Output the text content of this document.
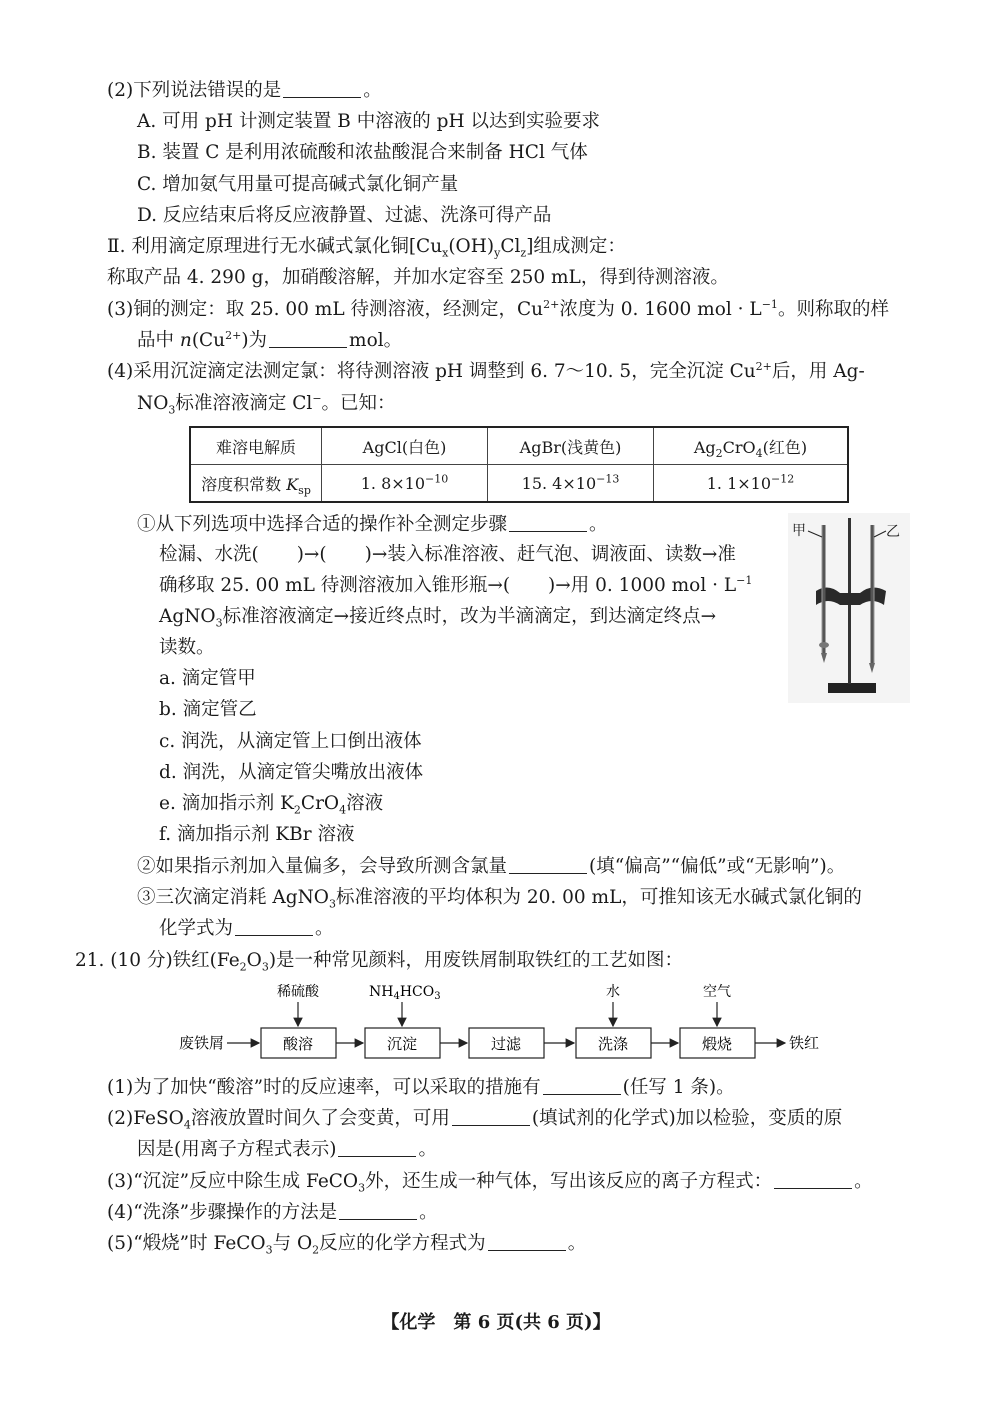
(2)下列说法错误的是	。
A. 可用 pH 计测定装置 B 中溶液的 pH 以达到实验要求
B. 装置 C 是利用浓硫酸和浓盐酸混合来制备 HCl 气体
C. 增加氨气用量可提高碱式氯化铜产量
D. 反应结束后将反应液静置、过滤、洗涤可得产品
Ⅱ. 利用滴定原理进行无水碱式氯化铜$[Cu_x(OH)_yCl_z]$组成测定：
称取产品 4. 290 g，加硝酸溶解，并加水定容至 250 mL，得到待测溶液。
(3)铜的测定：取 25. 00 mL 待测溶液，经测定，$Cu^{2+}$浓度为 0. 1600 mol · $L^{-1}$。则称取的样
品中 $n(Cu^{2+})$为	mol。
(4)采用沉淀滴定法测定氯：将待测溶液 pH 调整到 6. 7～10. 5，完全沉淀 $Cu^{2+}$后，用 Ag-
$NO_3$标准溶液滴定 Cl−。已知：
难溶电解质	AgCl(白色)	AgBr(浅黄色)	$Ag_2CrO_4$(红色)
溶度积常数 $K_{sp}$	1. $8\times 10^{-10}$	15. $4\times 10^{-13}$	1. $1\times 10^{-12}$
①从下列选项中选择合适的操作补全测定步骤	。
检漏、水洗( )→( )→装入标准溶液、赶气泡、调液面、读数→准
确移取 25. 00 mL 待测溶液加入锥形瓶→( )→用 0. 1000 mol · $L^{-1}$
AgNO$_3$标准溶液滴定→接近终点时，改为半滴滴定，到达滴定终点→
读数。
a. 滴定管甲
b. 滴定管乙
c. 润洗，从滴定管上口倒出液体
d. 润洗，从滴定管尖嘴放出液体
e. 滴加指示剂 $K_2CrO_4$溶液
f. 滴加指示剂 KBr 溶液
甲	乙
②如果指示剂加入量偏多，会导致所测含氯量	(填“偏高”“偏低”或“无影响”)。
③三次滴定消耗 AgNO$_3$标准溶液的平均体积为 20. 00 mL，可推知该无水碱式氯化铜的
化学式为	。
21. (10 分)铁红$(Fe_2O_3)$是一种常见颜料，用废铁屑制取铁红的工艺如图：
废铁屑	酸溶	沉淀	过滤	洗涤	煅烧	铁红
稀硫酸	$NH_4HCO_3$	水	空气
(1)为了加快“酸溶”时的反应速率，可以采取的措施有	(任写 1 条)。
(2)FeSO$_4$溶液放置时间久了会变黄，可用	(填试剂的化学式)加以检验，变质的原
因是(用离子方程式表示)	。
(3)“沉淀”反应中除生成 FeCO$_3$外，还生成一种气体，写出该反应的离子方程式：	。
(4)“洗涤”步骤操作的方法是	。
(5)“煅烧”时 FeCO$_3$与 $O_2$反应的化学方程式为	。
【化学　第 6 页(共 6 页)】
